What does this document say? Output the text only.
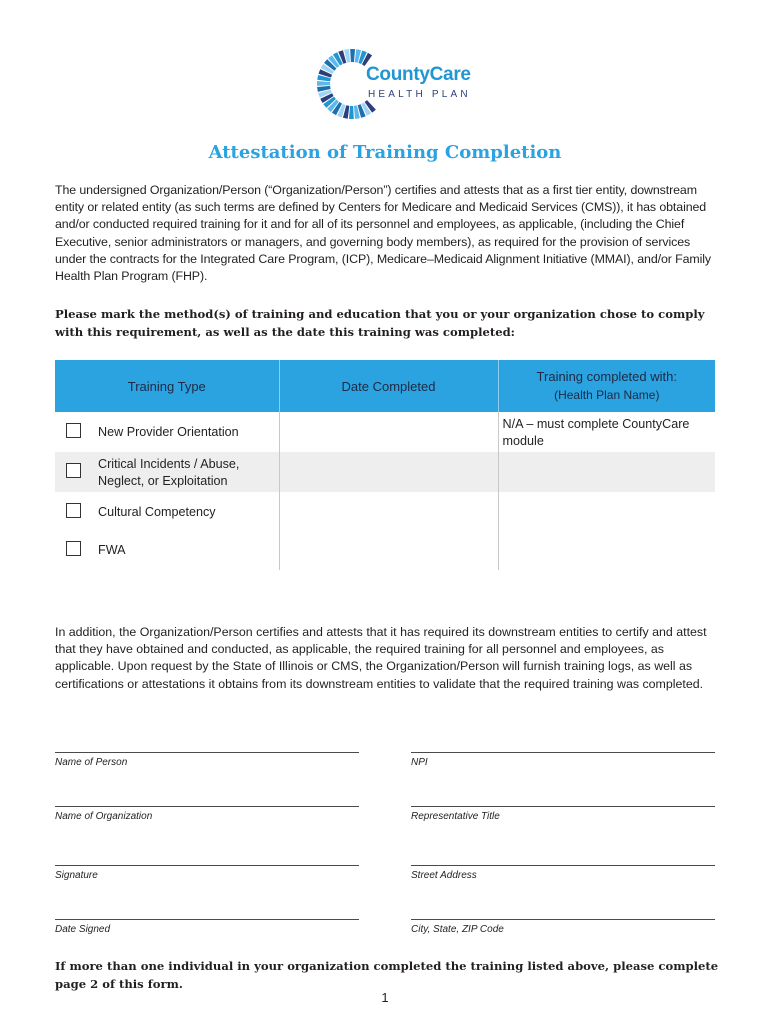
CountyCare
HEALTH PLAN
Attestation of Training Completion
The undersigned Organization/Person (“Organization/Person”) certifies and attests that as a first tier entity, downstream entity or related entity (as such terms are defined by Centers for Medicare and Medicaid Services (CMS)), it has obtained and/or conducted required training for it and for all of its personnel and employees, as applicable, (including the Chief Executive, senior administrators or managers, and governing body members), as required for the provision of services under the contracts for the Integrated Care Program, (ICP), Medicare–Medicaid Alignment Initiative (MMAI), and/or Family Health Plan Program (FHP).
Please mark the method(s) of training and education that you or your organization chose to comply with this requirement, as well as the date this training was completed:
Training Type		Date Completed	Training completed with:
(Health Plan Name)

	New Provider Orientation		N/A – must complete CountyCare module
	Critical Incidents / Abuse, Neglect, or Exploitation		
	Cultural Competency		
	FWA		
In addition, the Organization/Person certifies and attests that it has required its downstream entities to certify and attest that they have obtained and conducted, as applicable, the required training for all personnel and employees, as applicable. Upon request by the State of Illinois or CMS, the Organization/Person will furnish training logs, as well as certifications or attestations it obtains from its downstream entities to validate that the required training was completed.
Name of Person	NPI
Name of Organization	Representative Title
Signature	Street Address
Date Signed	City, State, ZIP Code
If more than one individual in your organization completed the training listed above, please complete page 2 of this form.
1
